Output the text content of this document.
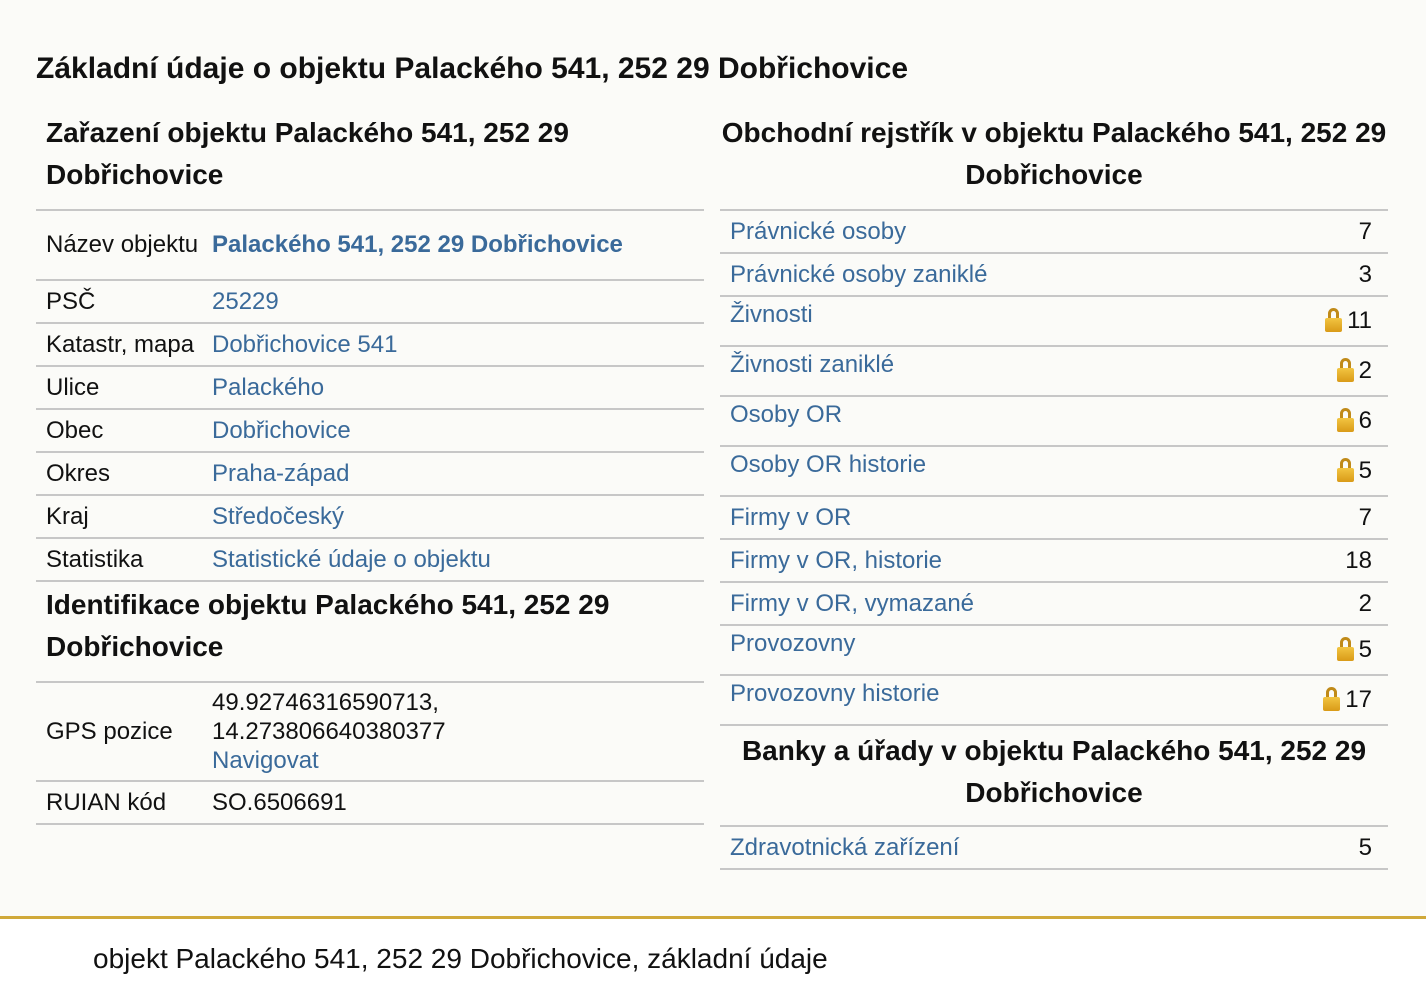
Základní údaje o objektu Palackého 541, 252 29 Dobřichovice
Zařazení objektu Palackého 541, 252 29 Dobřichovice
Název objektu	Palackého 541, 252 29 Dobřichovice
PSČ	25229
Katastr, mapa	Dobřichovice 541
Ulice	Palackého
Obec	Dobřichovice
Okres	Praha-západ
Kraj	Středočeský
Statistika	Statistické údaje o objektu
Identifikace objektu Palackého 541, 252 29 Dobřichovice
GPS pozice	49.92746316590713,
14.273806640380377
Navigovat
RUIAN kód	SO.6506691
Obchodní rejstřík v objektu Palackého 541, 252 29 Dobřichovice
Právnické osoby	7
Právnické osoby zaniklé	3
Živnosti	11
Živnosti zaniklé	2
Osoby OR	6
Osoby OR historie	5
Firmy v OR	7
Firmy v OR, historie	18
Firmy v OR, vymazané	2
Provozovny	5
Provozovny historie	17
Banky a úřady v objektu Palackého 541, 252 29 Dobřichovice
Zdravotnická zařízení	5
objekt Palackého 541, 252 29 Dobřichovice, základní údaje
